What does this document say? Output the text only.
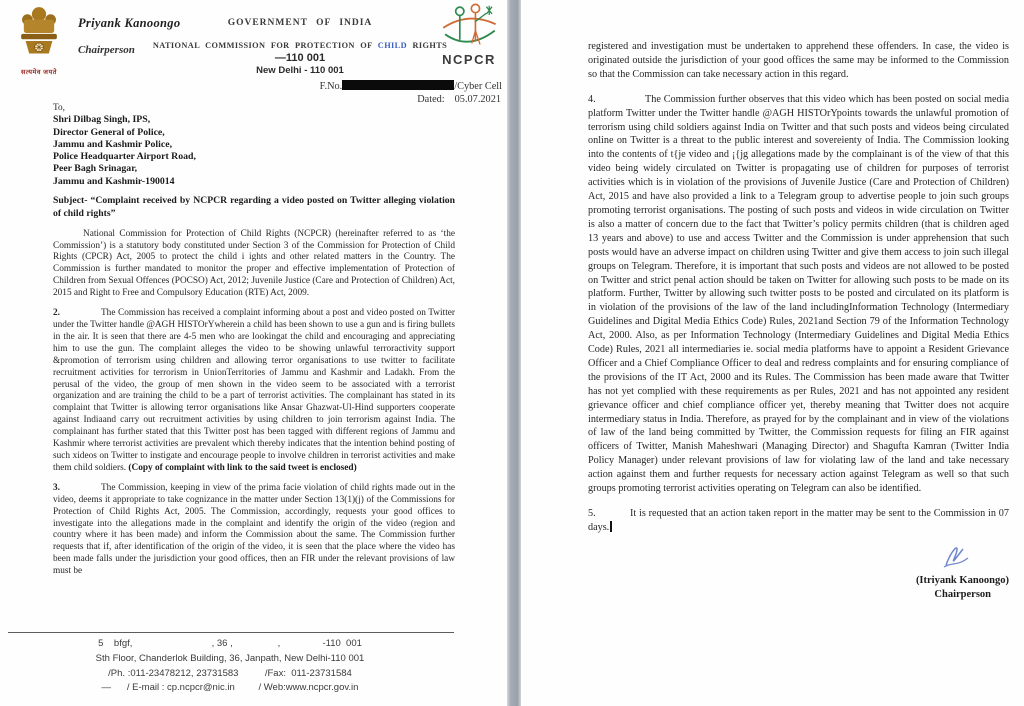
सत्यमेव जयते
Priyank Kanoongo
Chairperson
GOVERNMENT OF INDIA
NATIONAL COMMISSION FOR PROTECTION OF CHILD RIGHTS
—110 001
New Delhi - 110 001
F.No.	/Cyber Cell
Dated: 05.07.2021
NCPCR
To,
Shri Dilbag Singh, IPS,
Director General of Police,
Jammu and Kashmir Police,
Police Headquarter Airport Road,
Peer Bagh Srinagar,
Jammu and Kashmir-190014
Subject- “Complaint received by NCPCR regarding a video posted on Twitter alleging violation of child rights”

National Commission for Protection of Child Rights (NCPCR) (hereinafter referred to as ‘the Commission’) is a statutory body constituted under Section 3 of the Commission for Protection of Child Rights (CPCR) Act, 2005 to protect the child i ights and other related matters in the Country. The Commission is further mandated to monitor the proper and effective implementation of Protection of Children from Sexual Offences (POCSO) Act, 2012; Juvenile Justice (Care and Protection of Children) Act, 2015 and Right to Free and Compulsory Education (RTE) Act, 2009.

2.	The Commission has received a complaint informing about a post and video posted on Twitter under the Twitter handle @AGH HISTOrYwherein a child has been shown to use a gun and is firing bullets in the air. It is seen that there are 4-5 men who are lookingat the child and encouraging and appreciating him to use the gun. The complaint alleges the video to be showing unlawful terroractivity support &promotion of terrorism using children and allowing terror organisations to use twitter to facilitate recruitment activities for terrorism in UnionTerritories of Jammu and Kashmir and Ladakh. From the perusal of the video, the group of men shown in the video seem to be associated with a terrorist organization and are training the child to be a part of terrorist activities. The complainant has stated in its complaint that Twitter is allowing terror organisations like Ansar Ghazwat-Ul-Hind supporters cooperate against Indiaand carry out recruitment activities by using children to join terrorism against India. The complainant has further stated that this Twitter post has been tagged with different regions of Jammu and Kashmir where terrorist activities are prevalent which thereby indicates that the intention behind posting of such xideos on Twitter to instigate and encourage people to involve children in terrorist activities and make them child soldiers. (Copy of complaint with link to the said tweet is enclosed)

3.	The Commission, keeping in view of the prima facie violation of child rights made out in the video, deems it appropriate to take cognizance in the matter under Section 13(1)(j) of the Commissions for Protection of Child Rights Act, 2005. The Commission, accordingly, requests your good offices to investigate into the allegations made in the complaint and identify the origin of the video (region and country where it has been made) and inform the Commission about the same. The Commission further requests that if, after identification of the origin of the video, it is seen that the place where the video has been made falls under the jurisdiction your good offices, then an FIR under the relevant provisions of law must be

5    bfgf,                              , 36 ,                 ,                -110  001
Sth Floor, Chanderlok Building, 36, Janpath, New Delhi-110 001
/Ph. :011-23478212, 23731583          /Fax:  011-23731584
—      / E-mail : cp.ncpcr@nic.in         / Web:www.ncpcr.gov.in

registered and investigation must be undertaken to apprehend these offenders. In case, the video is originated outside the jurisdiction of your good offices the same may be informed to the Commission so that the Commission can take necessary action in this regard.

4.	The Commission further observes that this video which has been posted on social media platform Twitter under the Twitter handle @AGH HISTOrYpoints towards the unlawful promotion of terrorism using child soldiers against India on Twitter and that such posts and videos being circulated online on Twitter is a threat to the public interest and sovereienty of India. The Commission looking into the contents of t{je video and ¡{jg allegations made by the complainant is of the view of that this video being widely circulated on Twitter is propagating use of children for purposes of terrorist activities which is in violation of the provisions of Juvenile Justice (Care and Protection of Children) Act, 2015 and have also provided a link to a Telegram group to advertise people to join such groups promoting terrorist organisations. The posting of such posts and videos in wide circulation on Twitter is also a matter of concern due to the fact that Twitter’s policy permits children (that is children aged 13 years and above) to use and access Twitter and the Commission is under apprehension that such posts would have an adverse impact on children using Twitter and give them access to join such illegal groups on Telegram. Therefore, it is important that such posts and videos are not allowed to be posted on Twitter and strict penal action should be taken on Twitter for allowing such posts to be made on its platform. Further, Twitter by allowing such twitter posts to be posted and circulated on its platform is in violation of the provisions of the law of the land includingInformation Technology (Intermediary Guidelines and Digital Media Ethics Code) Rules, 2021and Section 79 of the Information Technology Act, 2000. Also, as per Information Technology (Intermediary Guidelines and Digital Media Ethics Code) Rules, 2021 all intermediaries ie. social media platforms have to appoint a Resident Grievance Officer and a Chief Compliance Officer to deal and redress complaints and for ensuring compliance of the provisions of the IT Act, 2000 and its Rules. The Commission has been made aware that Twitter has not yet complied with these requirements as per Rules, 2021 and has not appointed any resident grievance officer and chief compliance officer yet, thereby meaning that Twitter does not acquire intermediary status in India. Therefore, as prayed for by the complainant and in view of the violations of law of the land being committed by Twitter, the Commission requests for filing an FIR against officers of Twitter, Manish Maheshwari (Managing Director) and Shagufta Kamran (Twitter India Policy Manager) under relevant provisions of law for violating law of the land and take necessary action against them and further requests for necessary action against Telegram as well so that such groups promoting terrorist activities operating on Telegram can also be identified.

5.	It is requested that an action taken report in the matter may be sent to the Commission in 07 days.

(Itriyank Kanoongo)
Chairperson
